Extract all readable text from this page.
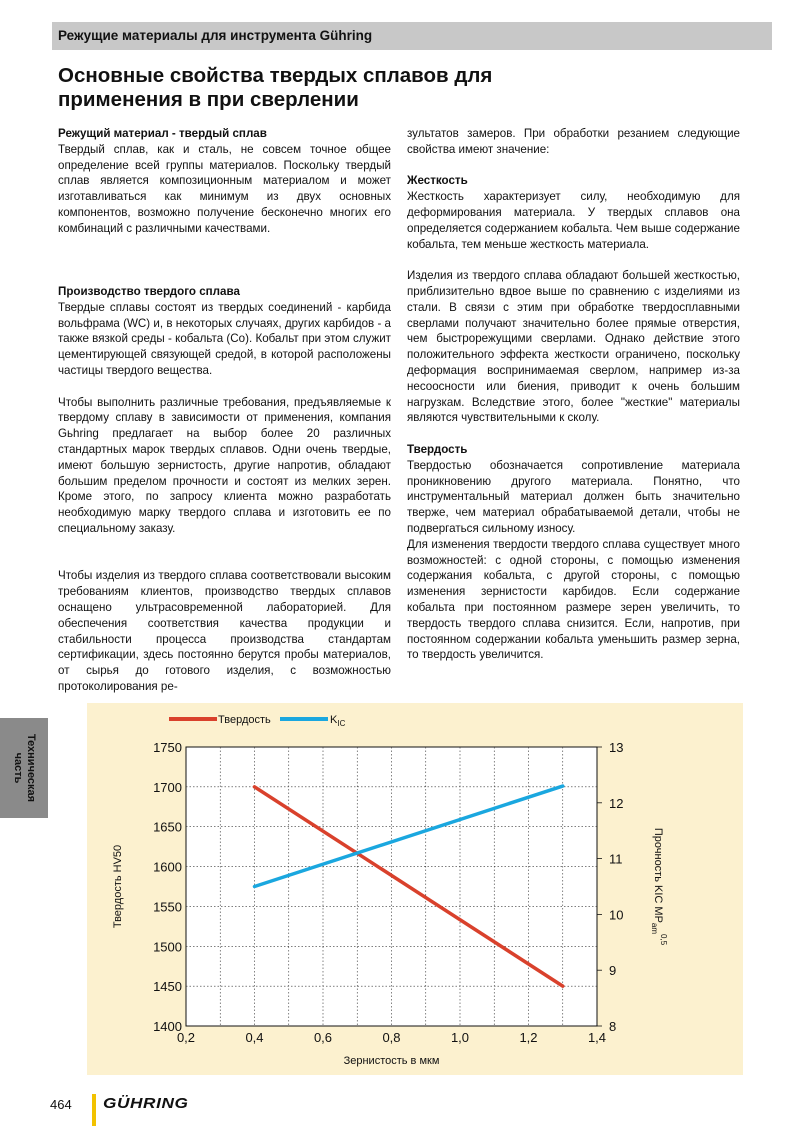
Режущие материалы для инструмента Gühring
Основные свойства твердых сплавов для применения в при сверлении
Режущий материал - твердый сплав

Твердый сплав, как и сталь, не совсем точное общее определение всей группы материалов. Поскольку твердый сплав является композиционным материалом и может изготавливаться как минимум из двух основных компонентов, возможно получение бесконечно многих его комбинаций с различными качествами.

Производство твердого сплава

Твердые сплавы состоят из твердых соединений - карбида вольфрама (WC) и, в некоторых случаях, других карбидов - а также вязкой среды - кобальта (Co). Кобальт при этом служит цементирующей связующей средой, в которой расположены частицы твердого вещества.

Чтобы выполнить различные требования, предъявляемые к твердому сплаву в зависимости от применения, компания Gьhring предлагает на выбор более 20 различных стандартных марок твердых сплавов. Одни очень твердые, имеют большую зернистость, другие напротив, обладают большим пределом прочности и состоят из мелких зерен. Кроме этого, по запросу клиента можно разработать необходимую марку твердого сплава и изготовить ее по специальному заказу.

Чтобы изделия из твердого сплава соответствовали высоким требованиям клиентов, производство твердых сплавов оснащено ультрасовременной лабораторией. Для обеспечения соответствия качества продукции и стабильности процесса производства стандартам сертификации, здесь постоянно берутся пробы материалов, от сырья до готового изделия, с возможностью протоколирования ре-

зультатов замеров. При обработки резанием следующие свойства имеют значение:

Жесткость

Жесткость характеризует силу, необходимую для деформирования материала. У твердых сплавов она определяется содержанием кобальта. Чем выше содержание кобальта, тем меньше жесткость материала.

Изделия из твердого сплава обладают большей жесткостью, приблизительно вдвое выше по сравнению с изделиями из стали. В связи с этим при обработке твердосплавными сверлами получают значительно более прямые отверстия, чем быстрорежущими сверлами. Однако действие этого положительного эффекта жесткости ограничено, поскольку деформация воспринимаемая сверлом, например из-за несоосности или биения, приводит к очень большим нагрузкам. Вследствие этого, более "жесткие" материалы являются чувствительными к сколу.

Твердость

Твердостью обозначается сопротивление материала проникновению другого материала. Понятно, что инструментальный материал должен быть значительно тверже, чем материал обрабатываемой детали, чтобы не подвергаться сильному износу.

Для изменения твердости твердого сплава существует много возможностей: с одной стороны, с помощью изменения содержания кобальта, с другой стороны, с помощью изменения зернистости карбидов. Если содержание кобальта при постоянном размере зерен увеличить, то твердость твердого сплава снизится. Если, напротив, при постоянном содержании кобальта уменьшить размер зерна, то твердость увеличится.

Техническая
часть
1400
1450
1500
1550
1600
1650
1700
1750
0,2	0,4	0,6	0,8	1,0	1,2	1,4
8
9
10
11
12
13
Твердость	$K_{IC}$
Зернистость в мкм
Твердость HV50	Прочность KIC $MP_{am}^{0,5}$
464 GÜHRING
